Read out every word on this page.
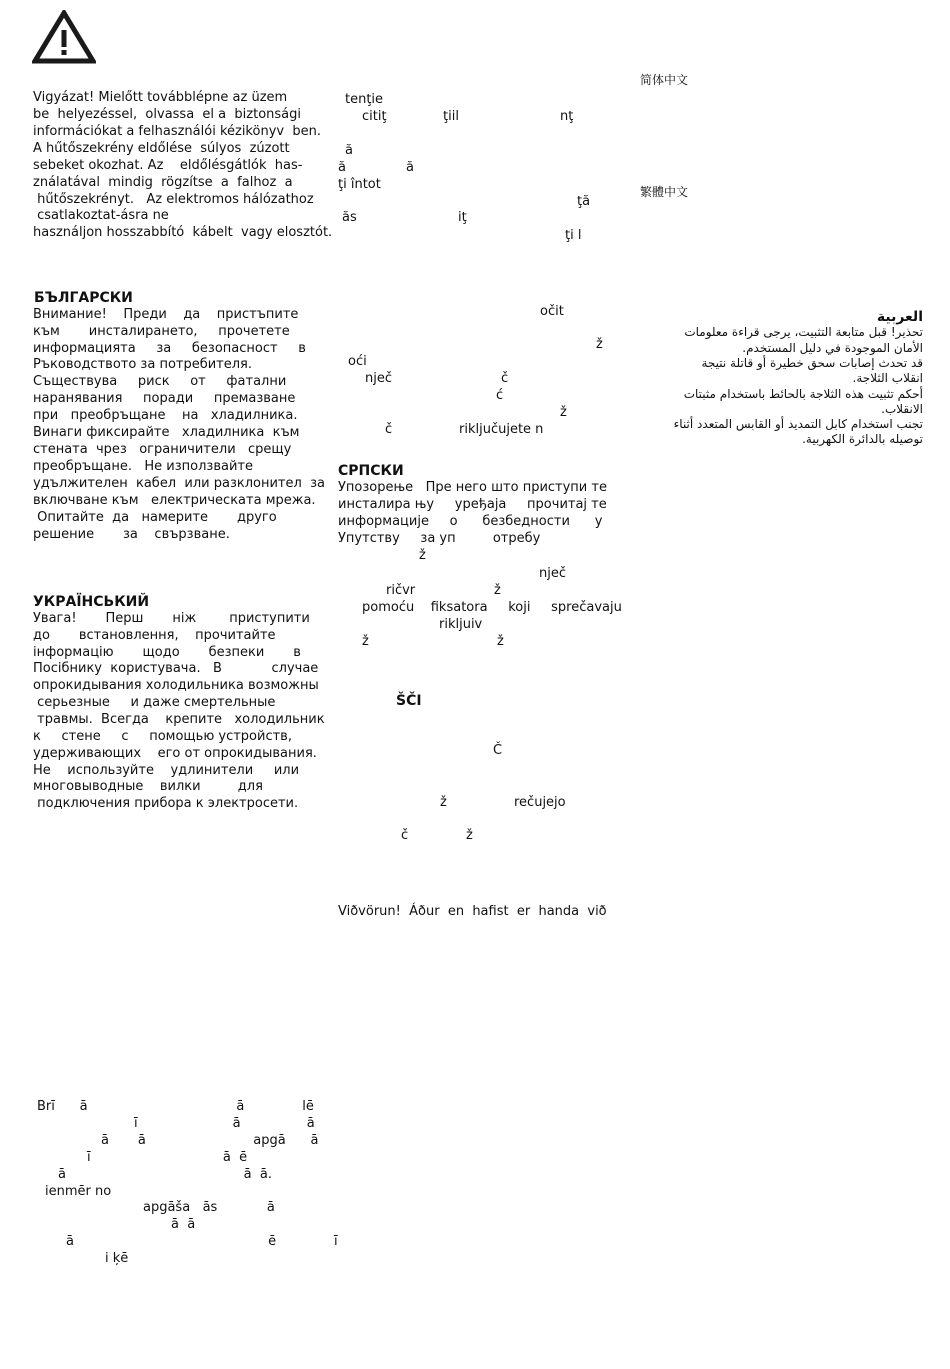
Vigyázat! Mielőtt továbblépne az üzem
be  helyezéssel,  olvassa  el a  biztonsági
információkat a felhasználói kézikönyv  ben.
A hűtőszekrény eldőlése  súlyos  zúzott
sebeket okozhat. Az    eldőlésgátlók  has-
ználatával  mindig  rögzítse  a  falhoz  a
hűtőszekrényt.   Az elektromos hálózathoz
csatlakoztat-ásra ne
használjon hosszabbító  kábelt  vagy elosztót.
tenţie
citiţ	ţiil	nţ
ă
ă	ă
ţi întot
ţă
ăs	iţ
ţi l
简体中文
繁體中文
БЪЛГАРСКИ
Внимание!    Преди    да    пристъпите
към       инсталирането,     прочетете
информацията     за     безопасност     в
Ръководството за потребителя.
Съществува     риск     от     фатални
наранявания     поради     премазване
при   преобръщане    на   хладилника.
Винаги фиксирайте   хладилника  към
стената  чрез   ограничители   срещу
преобръщане.   Не използвайте
удължителен  кабел  или разклонител  за
включване към   електрическата мрежа.
Опитайте  да   намерите       друго
решение       за    свързване.
očit
ž
oći
nječ	č
ć
ž
č	riključujete n
العربية
تحذير! قبل متابعة التثبيت، يرجى قراءة معلومات
الأمان الموجودة في دليل المستخدم.
قد تحدث إصابات سحق خطيرة أو قاتلة نتيجة
انقلاب الثلاجة.
أحكم تثبيت هذه الثلاجة بالحائط باستخدام مثبتات
الانقلاب.
تجنب استخدام كابل التمديد أو القابس المتعدد أثناء
توصيله بالدائرة الكهربية.
СРПСКИ
Упозорење   Пре него што приступи те
инсталира њу     уређаја     прочитај те
информације     о      безбедности      у
Упутству     за уп         отребу
ž
nječ
ričvr	ž
pomoću    fiksatora     koji     sprečavaju
rikljuiv
ž	ž
УКРАЇНСЬКИЙ
Увага!       Перш       ніж        приступити
до       встановлення,    прочитайте
інформацію       щодо       безпеки       в
Посібнику  користувача.   В            случае
опрокидывания холодильника возможны
серьезные     и даже смертельные
травмы.  Всегда    крепите   холодильник
к     стене     с     помощью устройств,
удерживающих    его от опрокидывания.
Не    используйте    удлинители     или
многовыводные    вилки         для
подключения прибора к электросети.
ŠČI
Č
ž	rečujejo
č	ž
Viðvörun!  Áður  en  hafist  er  handa  við
Brī      ā                                    ā              lē
ī                       ā                ā
ā       ā                          apgā      ā
ī                                ā  ē
ā                                           ā  ā.
ienmēr no
apgāša   ās            ā
ā  ā
ā                                               ē              ī
i ķē
